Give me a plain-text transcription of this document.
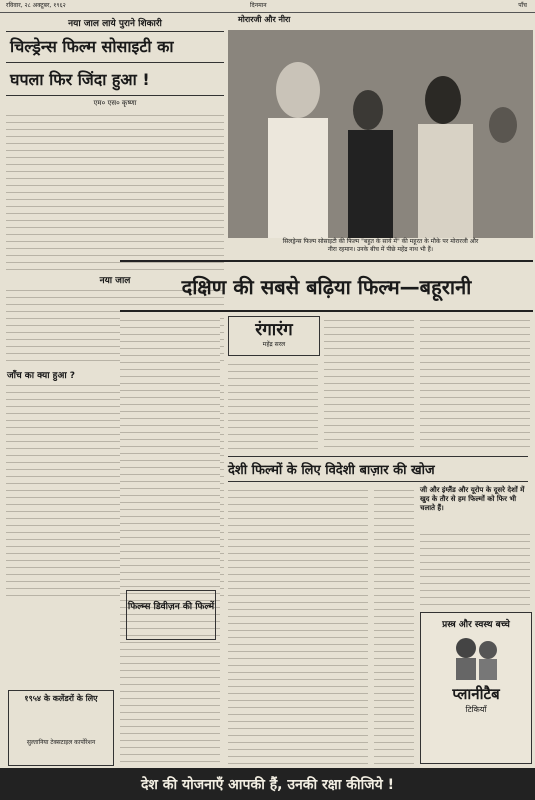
रविवार, २८ अक्टूबर, १९६२	दिनमान	पाँच
नया जाल लाये पुराने शिकारी
चिल्ड्रेन्स फिल्म सोसाइटी का
घपला फिर जिंदा हुआ !
एम० एस० कृष्णा
नया जाल
जाँच का क्या हुआ ?
१९५४ के कलेंडरों के लिए
सुल्तानिया टेक्सटाइल कार्पोरेशन
मोरारजी और नीरा
सिलड्रेन्स फिल्म सोसाइटी की फिल्म "बहुत के साये में" की महूरत के मौके पर मोरारजी और
नीरा रहमान। उनके बीच में पीछे महेंद्र नाथ भी हैं।
दक्षिण की सबसे बढ़िया फिल्म—बहूरानी
रंगारंग
महेंद्र सरल
देशी फिल्मों के लिए विदेशी बाज़ार की खोज
फिल्म्स डिवीज़न की फिल्में
जी और इंग्लैंड और यूरोप के दूसरे देशों में खुद के तौर से हम फिल्मों को फिर भी चलाते हैं।
प्रस्त्र और स्वस्थ बच्चे
प्लानीटैब
टिकियाँ
देश की योजनाएँ आपकी हैं, उनकी रक्षा कीजिये !
